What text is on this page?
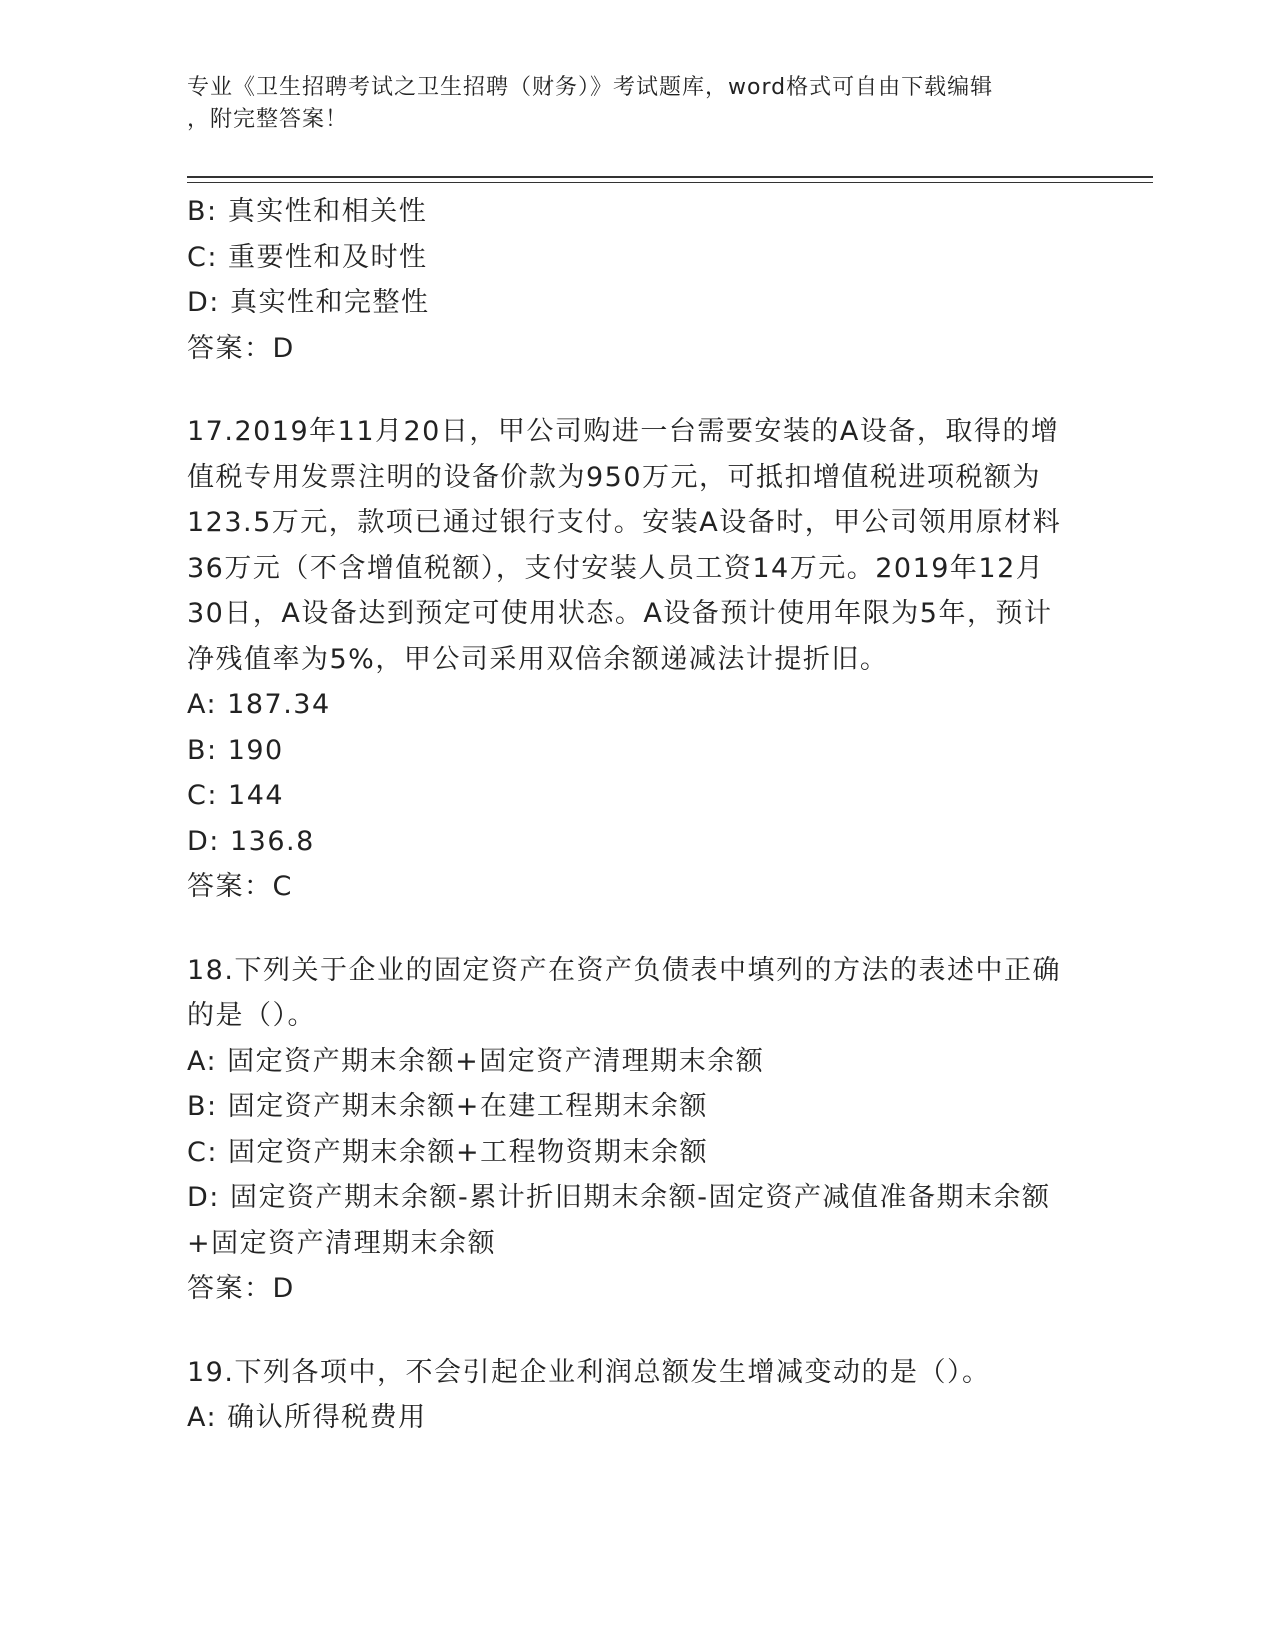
专业《卫生招聘考试之卫生招聘（财务）》考试题库，word格式可自由下载编辑
，附完整答案！
B: 真实性和相关性
C: 重要性和及时性
D: 真实性和完整性
答案：D
17.2019年11月20日，甲公司购进一台需要安装的A设备，取得的增
值税专用发票注明的设备价款为950万元，可抵扣增值税进项税额为
123.5万元，款项已通过银行支付。安装A设备时，甲公司领用原材料
36万元（不含增值税额），支付安装人员工资14万元。2019年12月
30日，A设备达到预定可使用状态。A设备预计使用年限为5年，预计
净残值率为5%，甲公司采用双倍余额递减法计提折旧。
A: 187.34
B: 190
C: 144
D: 136.8
答案：C
18.下列关于企业的固定资产在资产负债表中填列的方法的表述中正确
的是（）。
A: 固定资产期末余额+固定资产清理期末余额
B: 固定资产期末余额+在建工程期末余额
C: 固定资产期末余额+工程物资期末余额
D: 固定资产期末余额-累计折旧期末余额-固定资产减值准备期末余额
+固定资产清理期末余额
答案：D
19.下列各项中，不会引起企业利润总额发生增减变动的是（）。
A: 确认所得税费用
